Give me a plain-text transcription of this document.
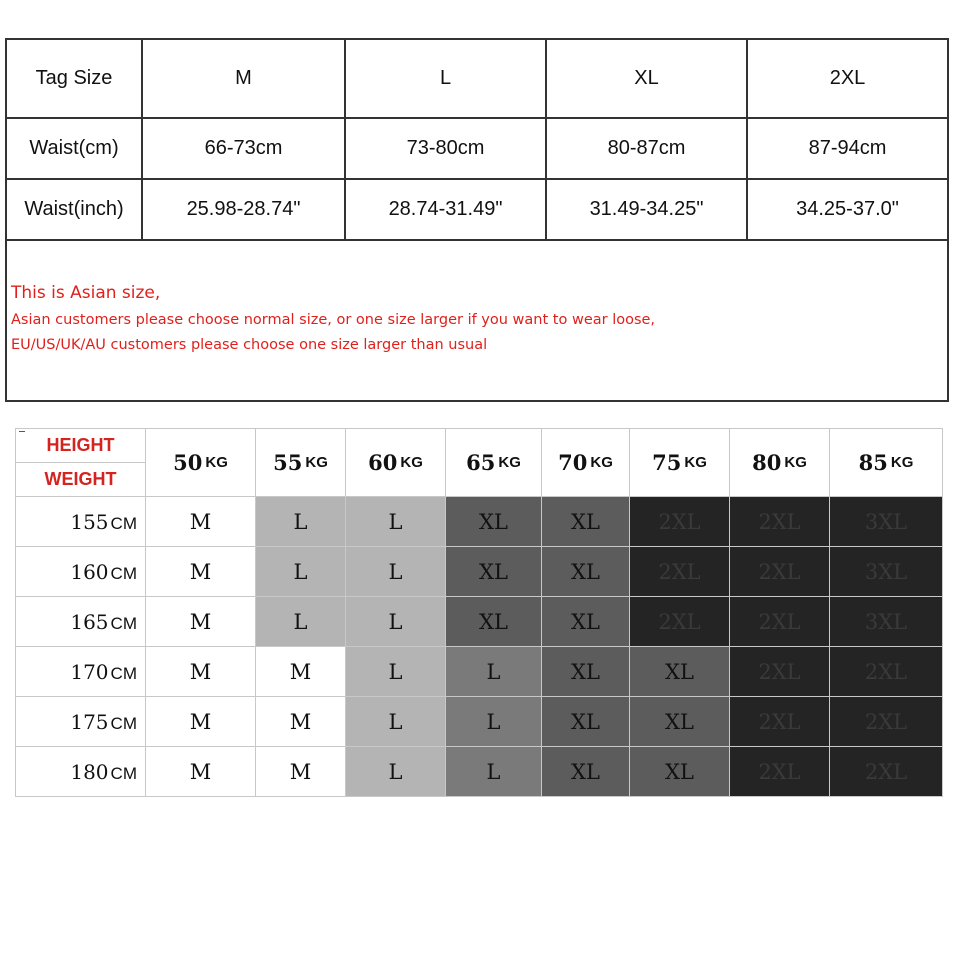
Tag Size	M	L	XL	2XL
Waist(cm)	66-73cm	73-80cm	80-87cm	87-94cm
Waist(inch)	25.98-28.74"	28.74-31.49"	31.49-34.25"	34.25-37.0"
This is Asian size,
Asian customers please choose normal size, or one size larger if you want to wear loose,
EU/US/UK/AU customers please choose one size larger than usual
HEIGHT
WEIGHT	50 KG	55 KG	60 KG	65 KG	70 KG	75 KG	80 KG	85 KG
155 CM	M	L	L	XL	XL	2XL	2XL	3XL
160 CM	M	L	L	XL	XL	2XL	2XL	3XL
165 CM	M	L	L	XL	XL	2XL	2XL	3XL
170 CM	M	M	L	L	XL	XL	2XL	2XL
175 CM	M	M	L	L	XL	XL	2XL	2XL
180 CM	M	M	L	L	XL	XL	2XL	2XL
